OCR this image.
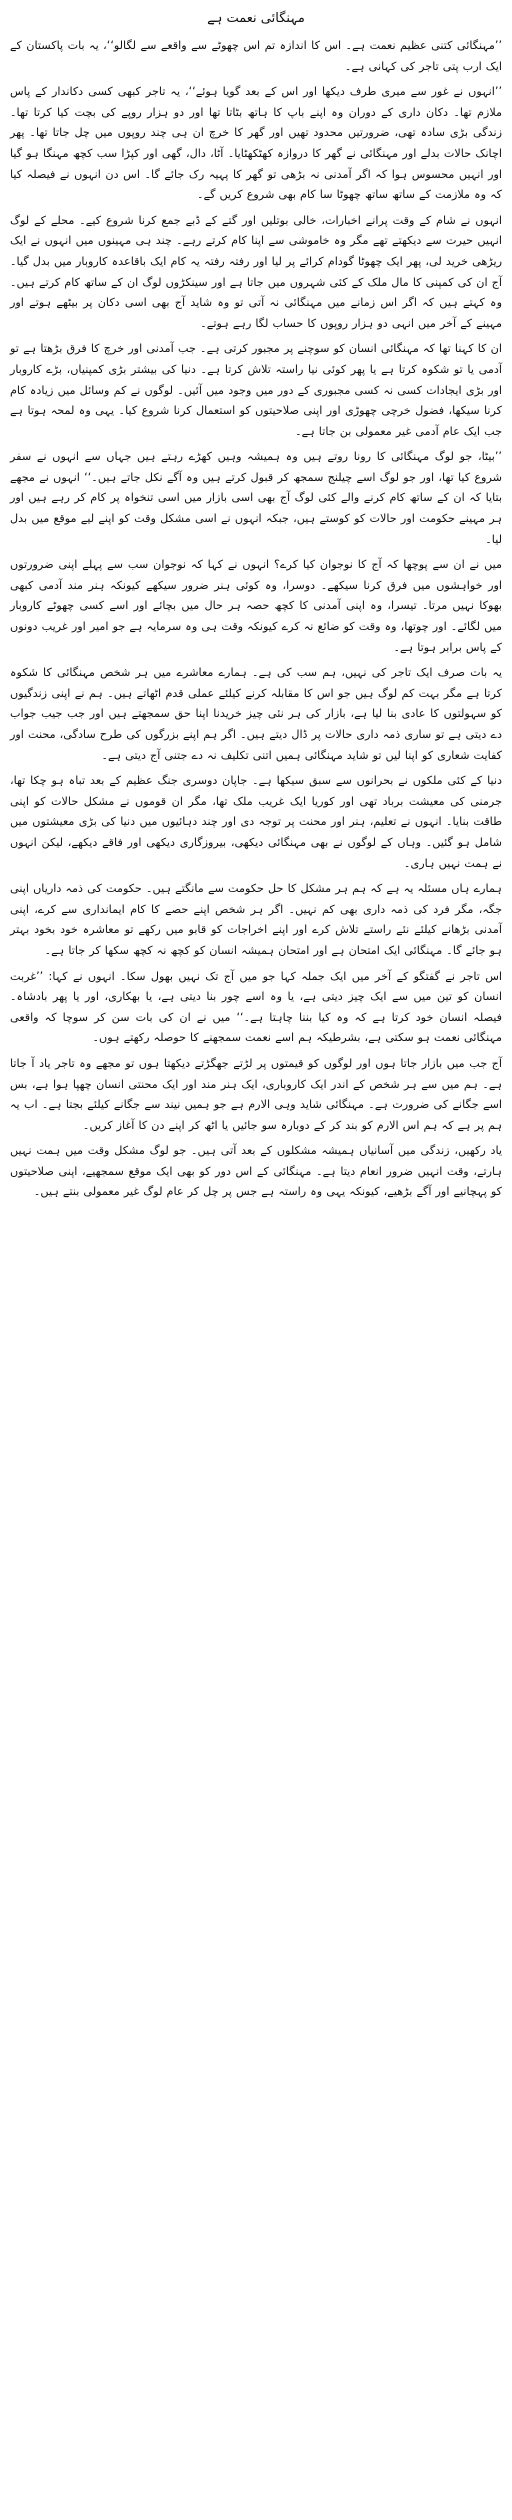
مہنگائی نعمت ہے

’’مہنگائی کتنی عظیم نعمت ہے۔ اس کا اندازہ تم اس چھوٹے سے واقعے سے لگالو‘‘، یہ بات پاکستان کے ایک ارب پتی تاجر کی کہانی ہے۔

’’انہوں نے غور سے میری طرف دیکھا اور اس کے بعد گویا ہوئے‘‘، یہ تاجر کبھی کسی دکاندار کے پاس ملازم تھا۔ دکان داری کے دوران وہ اپنے باپ کا ہاتھ بٹاتا تھا اور دو ہزار روپے کی بچت کیا کرتا تھا۔ زندگی بڑی سادہ تھی، ضرورتیں محدود تھیں اور گھر کا خرچ ان ہی چند روپوں میں چل جاتا تھا۔ پھر اچانک حالات بدلے اور مہنگائی نے گھر کا دروازہ کھٹکھٹایا۔ آٹا، دال، گھی اور کپڑا سب کچھ مہنگا ہو گیا اور انہیں محسوس ہوا کہ اگر آمدنی نہ بڑھی تو گھر کا پہیہ رک جائے گا۔ اس دن انہوں نے فیصلہ کیا کہ وہ ملازمت کے ساتھ ساتھ چھوٹا سا کام بھی شروع کریں گے۔

انہوں نے شام کے وقت پرانے اخبارات، خالی بوتلیں اور گتے کے ڈبے جمع کرنا شروع کیے۔ محلے کے لوگ انہیں حیرت سے دیکھتے تھے مگر وہ خاموشی سے اپنا کام کرتے رہے۔ چند ہی مہینوں میں انہوں نے ایک ریڑھی خرید لی، پھر ایک چھوٹا گودام کرائے پر لیا اور رفتہ رفتہ یہ کام ایک باقاعدہ کاروبار میں بدل گیا۔ آج ان کی کمپنی کا مال ملک کے کئی شہروں میں جاتا ہے اور سینکڑوں لوگ ان کے ساتھ کام کرتے ہیں۔ وہ کہتے ہیں کہ اگر اس زمانے میں مہنگائی نہ آتی تو وہ شاید آج بھی اسی دکان پر بیٹھے ہوتے اور مہینے کے آخر میں انہی دو ہزار روپوں کا حساب لگا رہے ہوتے۔

ان کا کہنا تھا کہ مہنگائی انسان کو سوچنے پر مجبور کرتی ہے۔ جب آمدنی اور خرچ کا فرق بڑھتا ہے تو آدمی یا تو شکوہ کرتا ہے یا پھر کوئی نیا راستہ تلاش کرتا ہے۔ دنیا کی بیشتر بڑی کمپنیاں، بڑے کاروبار اور بڑی ایجادات کسی نہ کسی مجبوری کے دور میں وجود میں آئیں۔ لوگوں نے کم وسائل میں زیادہ کام کرنا سیکھا، فضول خرچی چھوڑی اور اپنی صلاحیتوں کو استعمال کرنا شروع کیا۔ یہی وہ لمحہ ہوتا ہے جب ایک عام آدمی غیر معمولی بن جاتا ہے۔

’’بیٹا، جو لوگ مہنگائی کا رونا روتے ہیں وہ ہمیشہ وہیں کھڑے رہتے ہیں جہاں سے انہوں نے سفر شروع کیا تھا، اور جو لوگ اسے چیلنج سمجھ کر قبول کرتے ہیں وہ آگے نکل جاتے ہیں۔‘‘ انہوں نے مجھے بتایا کہ ان کے ساتھ کام کرنے والے کئی لوگ آج بھی اسی بازار میں اسی تنخواہ پر کام کر رہے ہیں اور ہر مہینے حکومت اور حالات کو کوستے ہیں، جبکہ انہوں نے اسی مشکل وقت کو اپنے لیے موقع میں بدل لیا۔

میں نے ان سے پوچھا کہ آج کا نوجوان کیا کرے؟ انہوں نے کہا کہ نوجوان سب سے پہلے اپنی ضرورتوں اور خواہشوں میں فرق کرنا سیکھے۔ دوسرا، وہ کوئی ہنر ضرور سیکھے کیونکہ ہنر مند آدمی کبھی بھوکا نہیں مرتا۔ تیسرا، وہ اپنی آمدنی کا کچھ حصہ ہر حال میں بچائے اور اسے کسی چھوٹے کاروبار میں لگائے۔ اور چوتھا، وہ وقت کو ضائع نہ کرے کیونکہ وقت ہی وہ سرمایہ ہے جو امیر اور غریب دونوں کے پاس برابر ہوتا ہے۔

یہ بات صرف ایک تاجر کی نہیں، ہم سب کی ہے۔ ہمارے معاشرے میں ہر شخص مہنگائی کا شکوہ کرتا ہے مگر بہت کم لوگ ہیں جو اس کا مقابلہ کرنے کیلئے عملی قدم اٹھاتے ہیں۔ ہم نے اپنی زندگیوں کو سہولتوں کا عادی بنا لیا ہے، بازار کی ہر نئی چیز خریدنا اپنا حق سمجھتے ہیں اور جب جیب جواب دے دیتی ہے تو ساری ذمہ داری حالات پر ڈال دیتے ہیں۔ اگر ہم اپنے بزرگوں کی طرح سادگی، محنت اور کفایت شعاری کو اپنا لیں تو شاید مہنگائی ہمیں اتنی تکلیف نہ دے جتنی آج دیتی ہے۔

دنیا کے کئی ملکوں نے بحرانوں سے سبق سیکھا ہے۔ جاپان دوسری جنگ عظیم کے بعد تباہ ہو چکا تھا، جرمنی کی معیشت برباد تھی اور کوریا ایک غریب ملک تھا، مگر ان قوموں نے مشکل حالات کو اپنی طاقت بنایا۔ انہوں نے تعلیم، ہنر اور محنت پر توجہ دی اور چند دہائیوں میں دنیا کی بڑی معیشتوں میں شامل ہو گئیں۔ وہاں کے لوگوں نے بھی مہنگائی دیکھی، بیروزگاری دیکھی اور فاقے دیکھے، لیکن انہوں نے ہمت نہیں ہاری۔

ہمارے ہاں مسئلہ یہ ہے کہ ہم ہر مشکل کا حل حکومت سے مانگتے ہیں۔ حکومت کی ذمہ داریاں اپنی جگہ، مگر فرد کی ذمہ داری بھی کم نہیں۔ اگر ہر شخص اپنے حصے کا کام ایمانداری سے کرے، اپنی آمدنی بڑھانے کیلئے نئے راستے تلاش کرے اور اپنے اخراجات کو قابو میں رکھے تو معاشرہ خود بخود بہتر ہو جائے گا۔ مہنگائی ایک امتحان ہے اور امتحان ہمیشہ انسان کو کچھ نہ کچھ سکھا کر جاتا ہے۔

اس تاجر نے گفتگو کے آخر میں ایک جملہ کہا جو میں آج تک نہیں بھول سکا۔ انہوں نے کہا: ’’غربت انسان کو تین میں سے ایک چیز دیتی ہے، یا وہ اسے چور بنا دیتی ہے، یا بھکاری، اور یا پھر بادشاہ۔ فیصلہ انسان خود کرتا ہے کہ وہ کیا بننا چاہتا ہے۔‘‘ میں نے ان کی بات سن کر سوچا کہ واقعی مہنگائی نعمت ہو سکتی ہے، بشرطیکہ ہم اسے نعمت سمجھنے کا حوصلہ رکھتے ہوں۔

آج جب میں بازار جاتا ہوں اور لوگوں کو قیمتوں پر لڑتے جھگڑتے دیکھتا ہوں تو مجھے وہ تاجر یاد آ جاتا ہے۔ ہم میں سے ہر شخص کے اندر ایک کاروباری، ایک ہنر مند اور ایک محنتی انسان چھپا ہوا ہے، بس اسے جگانے کی ضرورت ہے۔ مہنگائی شاید وہی الارم ہے جو ہمیں نیند سے جگانے کیلئے بجتا ہے۔ اب یہ ہم پر ہے کہ ہم اس الارم کو بند کر کے دوبارہ سو جائیں یا اٹھ کر اپنے دن کا آغاز کریں۔

یاد رکھیں، زندگی میں آسانیاں ہمیشہ مشکلوں کے بعد آتی ہیں۔ جو لوگ مشکل وقت میں ہمت نہیں ہارتے، وقت انہیں ضرور انعام دیتا ہے۔ مہنگائی کے اس دور کو بھی ایک موقع سمجھیے، اپنی صلاحیتوں کو پہچانیے اور آگے بڑھیے، کیونکہ یہی وہ راستہ ہے جس پر چل کر عام لوگ غیر معمولی بنتے ہیں۔
